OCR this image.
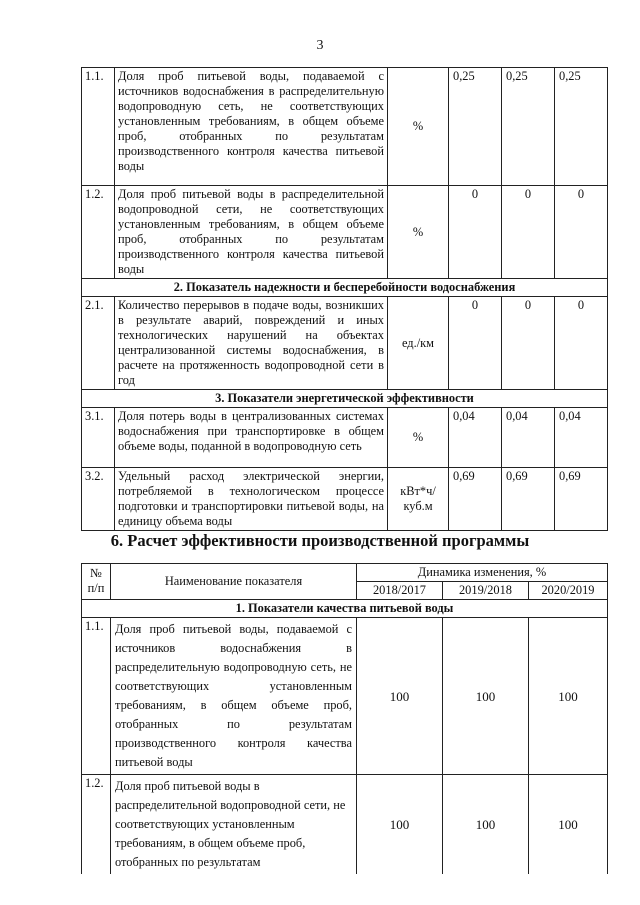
3
1.1.	Доля проб питьевой воды, подаваемой с источников водоснабжения в распределительную водопроводную сеть, не соответствующих установленным требованиям, в общем объеме проб, отобранных по результатам производственного контроля качества питьевой воды	%	0,25	0,25	0,25
1.2.	Доля проб питьевой воды в распределительной водопроводной сети, не соответствующих установленным требованиям, в общем объеме проб, отобранных по результатам производственного контроля качества питьевой воды	%	0	0	0
2. Показатель надежности и бесперебойности водоснабжения					
2.1.	Количество перерывов в подаче воды, возникших в результате аварий, повреждений и иных технологических нарушений на объектах централизованной системы водоснабжения, в расчете на протяженность водопроводной сети в год	ед./км	0	0	0
3. Показатели энергетической эффективности					
3.1.	Доля потерь воды в централизованных системах водоснабжения при транспортировке в общем объеме воды, поданной в водопроводную сеть	%	0,04	0,04	0,04
3.2.	Удельный расход электрической энергии, потребляемой в технологическом процессе подготовки и транспортировки питьевой воды, на единицу объема воды	кВт*ч/ куб.м	0,69	0,69	0,69
6. Расчет эффективности производственной программы
№
п/п	Наименование показателя	Динамика изменения, %		
		2018/2017	2019/2018	2020/2019
1. Показатели качества питьевой воды				
1.1.	Доля проб питьевой воды, подаваемой с источников водоснабжения в распределительную водопроводную сеть, не соответствующих установленным требованиям, в общем объеме проб, отобранных по результатам производственного контроля качества питьевой воды	100	100	100
1.2.	Доля проб питьевой воды в распределительной водопроводной сети, не соответствующих установленным требованиям, в общем объеме проб, отобранных по результатам	100	100	100
